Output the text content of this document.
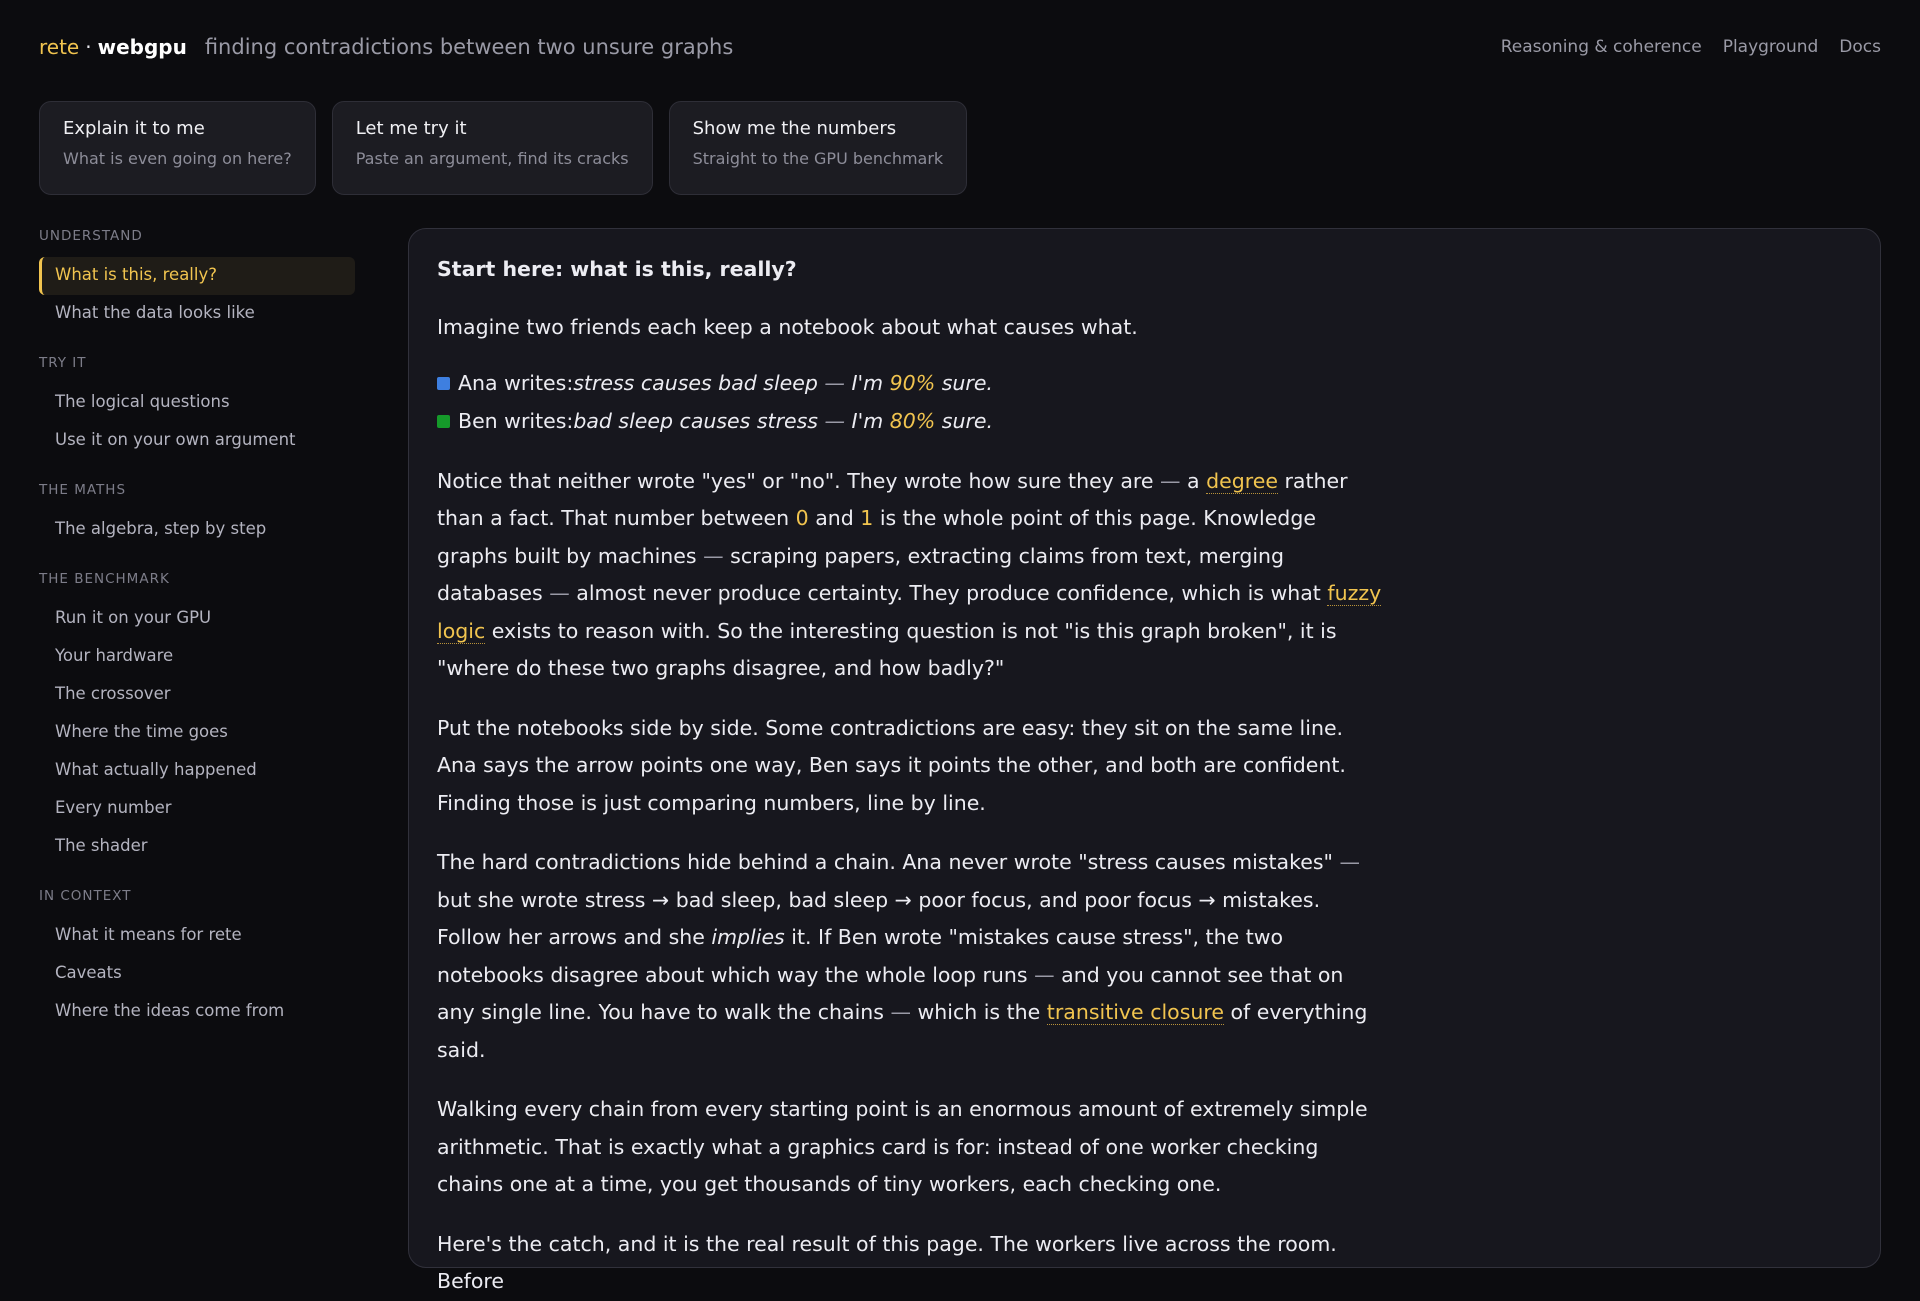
rete · webgpu finding contradictions between two unsure graphs	Reasoning & coherence Playground Docs
Explain it to me
What is even going on here?
Let me try it
Paste an argument, find its cracks
Show me the numbers
Straight to the GPU benchmark
UNDERSTAND
What is this, really?
What the data looks like
TRY IT
The logical questions
Use it on your own argument
THE MATHS
The algebra, step by step
THE BENCHMARK
Run it on your GPU
Your hardware
The crossover
Where the time goes
What actually happened
Every number
The shader
IN CONTEXT
What it means for rete
Caveats
Where the ideas come from
Start here: what is this, really?

Imagine two friends each keep a notebook about what causes what.

Ana writes: stress causes bad sleep — I'm 90% sure.
Ben writes: bad sleep causes stress — I'm 80% sure.

Notice that neither wrote "yes" or "no". They wrote how sure they are — a degree rather than a fact. That number between 0 and 1 is the whole point of this page. Knowledge graphs built by machines — scraping papers, extracting claims from text, merging databases — almost never produce certainty. They produce confidence, which is what fuzzy logic exists to reason with. So the interesting question is not "is this graph broken", it is "where do these two graphs disagree, and how badly?"

Put the notebooks side by side. Some contradictions are easy: they sit on the same line. Ana says the arrow points one way, Ben says it points the other, and both are confident. Finding those is just comparing numbers, line by line.

The hard contradictions hide behind a chain. Ana never wrote "stress causes mistakes" — but she wrote stress → bad sleep, bad sleep → poor focus, and poor focus → mistakes. Follow her arrows and she implies it. If Ben wrote "mistakes cause stress", the two notebooks disagree about which way the whole loop runs — and you cannot see that on any single line. You have to walk the chains — which is the transitive closure of everything said.

Walking every chain from every starting point is an enormous amount of extremely simple arithmetic. That is exactly what a graphics card is for: instead of one worker checking chains one at a time, you get thousands of tiny workers, each checking one.

Here's the catch, and it is the real result of this page. The workers live across the room. Before
